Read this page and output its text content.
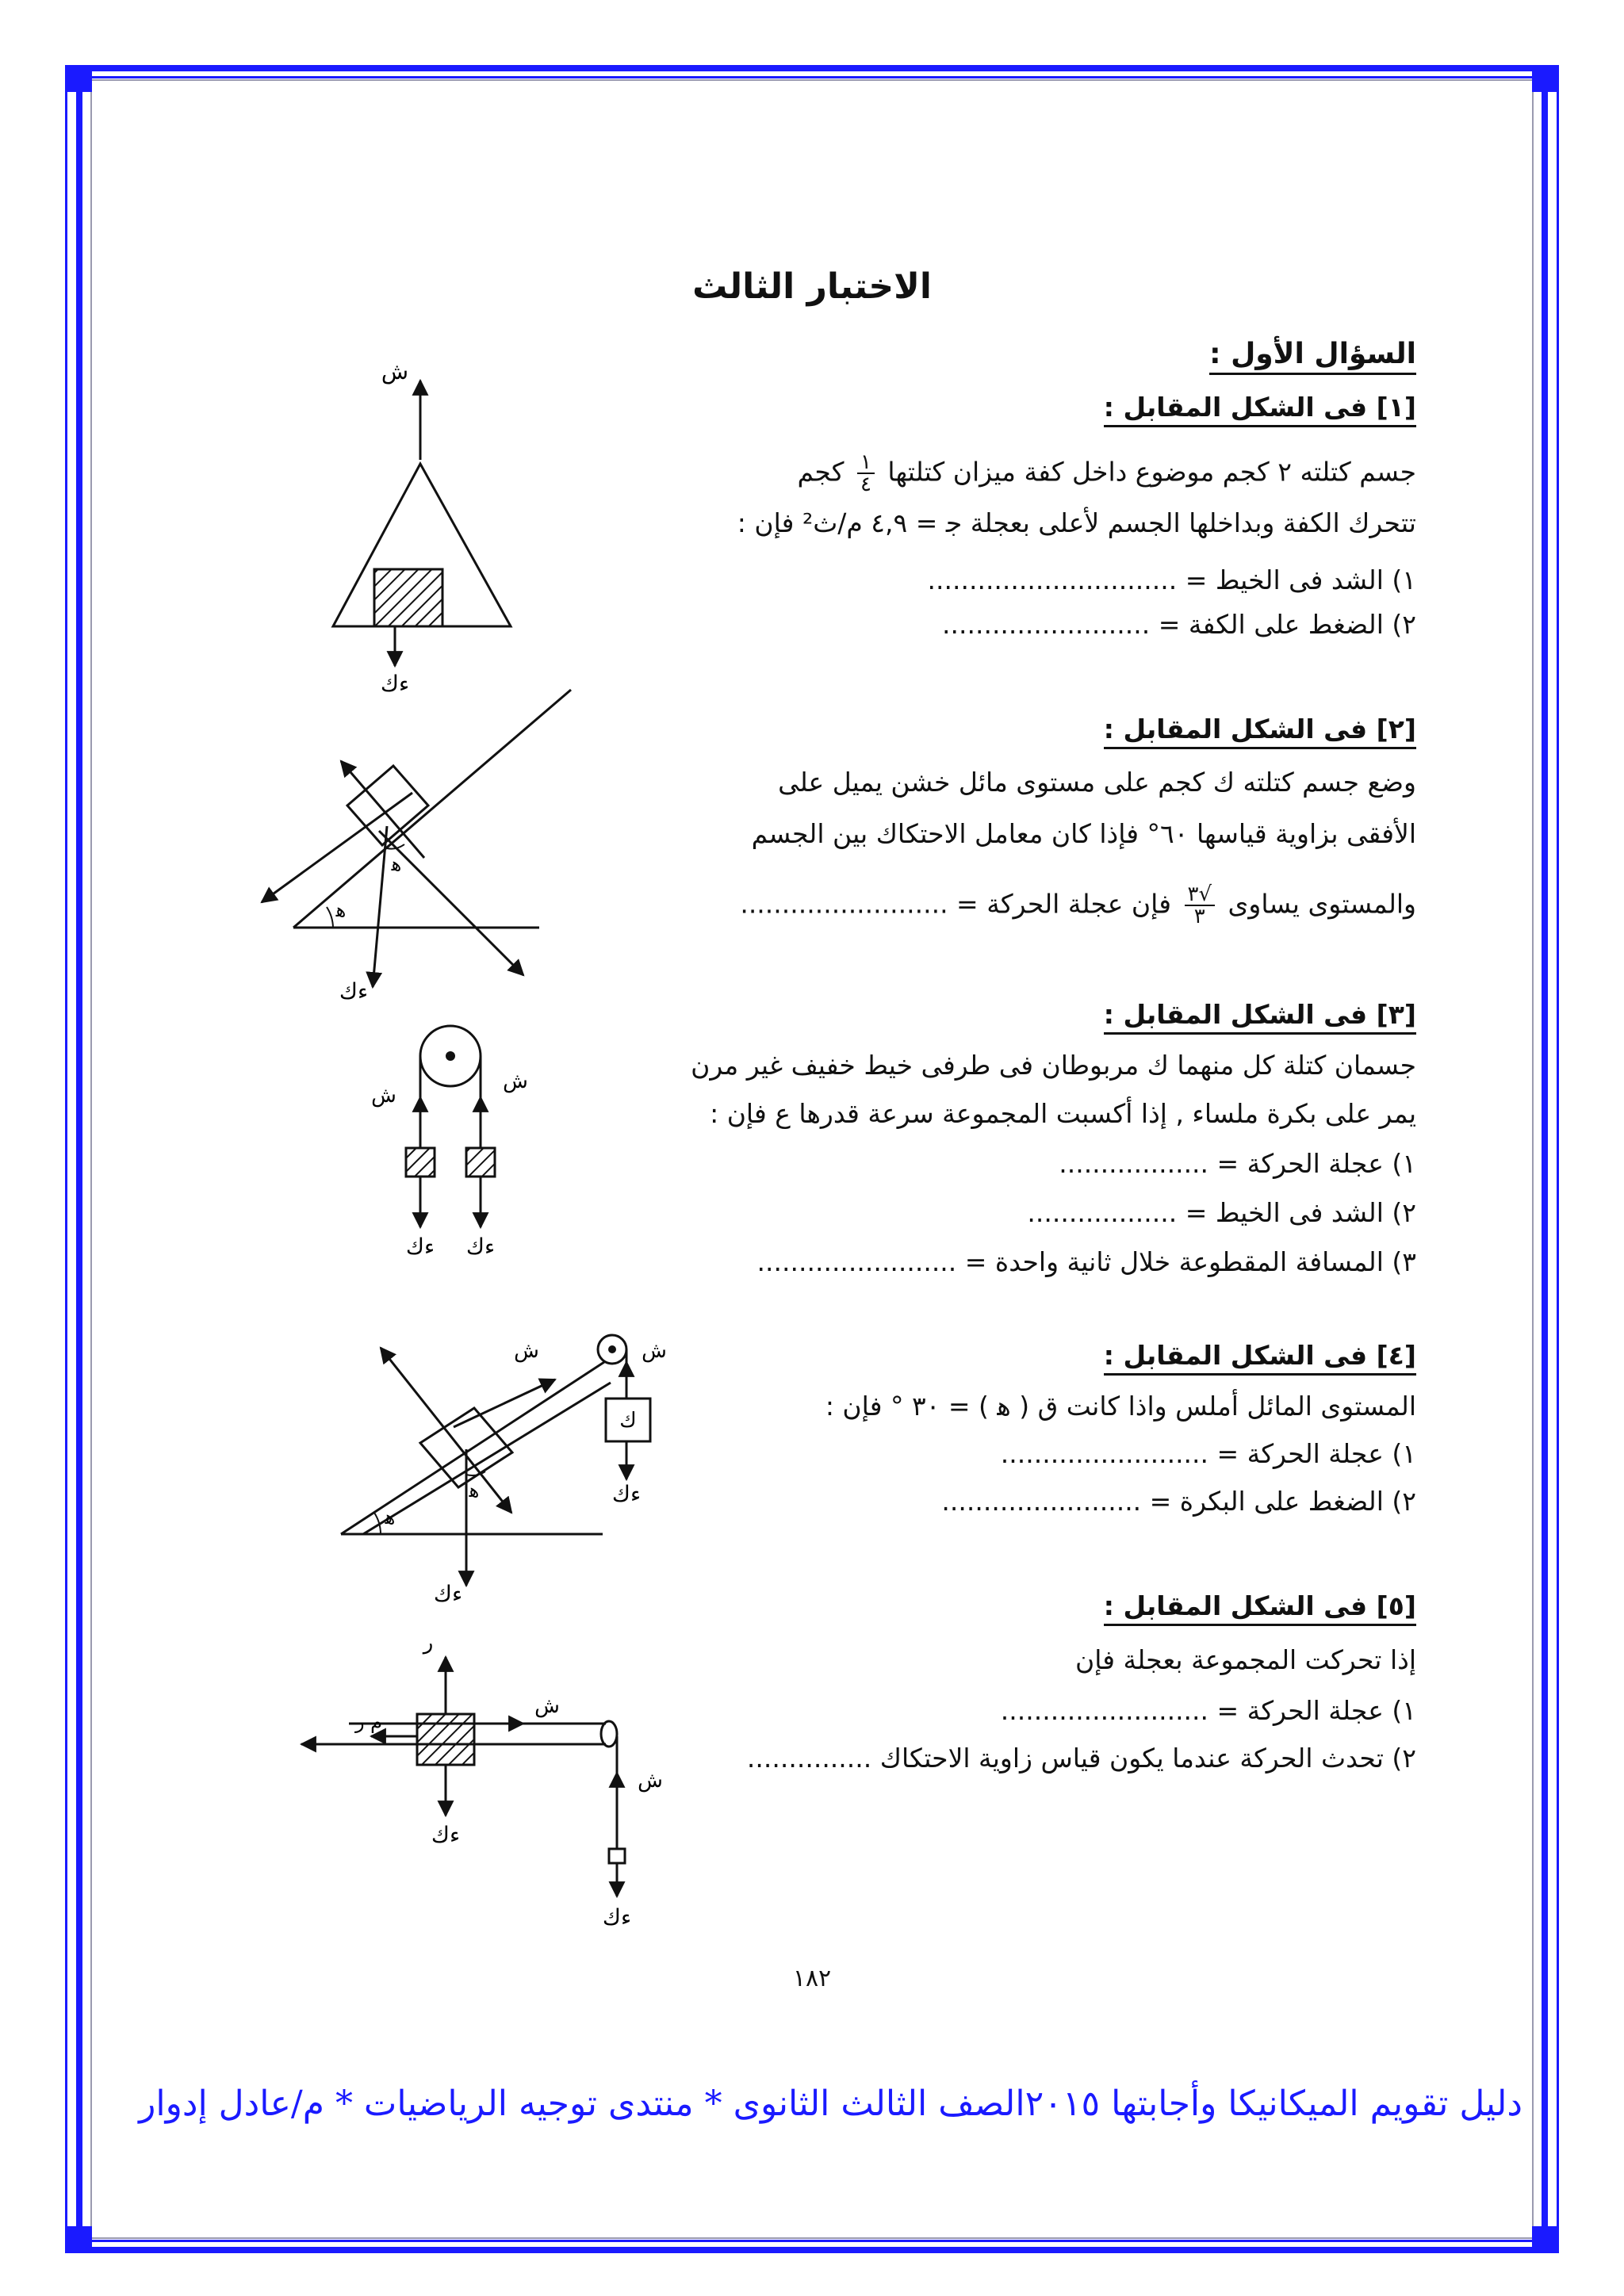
الاختبار الثالث
السؤال الأول :
[١] فى الشكل المقابل :
جسم كتلته ٢ كجم موضوع داخل كفة ميزان كتلتها
$\frac{١}{٤}$
كجم
تتحرك الكفة وبداخلها الجسم لأعلى بعجلة ﺟ = ٤,٩ م/ث² فإن :
١) الشد فى الخيط = ..............................
٢) الضغط على الكفة = .........................
[٢] فى الشكل المقابل :
وضع جسم كتلته ك كجم على مستوى مائل خشن يميل على
الأفقى بزاوية قياسها ٦٠° فإذا كان معامل الاحتكاك بين الجسم
والمستوى يساوى
$\frac{√٣}{٣}$
فإن عجلة الحركة = .........................
[٣] فى الشكل المقابل :
جسمان كتلة كل منهما ك مربوطان فى طرفى خيط خفيف غير مرن
يمر على بكرة ملساء , إذا أكسبت المجموعة سرعة قدرها ع فإن :
١) عجلة الحركة = ..................
٢) الشد فى الخيط = ..................
٣) المسافة المقطوعة خلال ثانية واحدة = ........................
[٤] فى الشكل المقابل :
المستوى المائل أملس واذا كانت ق ( ﻫ ) = ٣٠ ° فإن :
١) عجلة الحركة = .........................
٢) الضغط على البكرة = ........................
[٥] فى الشكل المقابل :
إذا تحركت المجموعة بعجلة فإن
١) عجلة الحركة = .........................
٢) تحدث الحركة عندما يكون قياس زاوية الاحتكاك ...............
ش
ءك
ﻫ
ﻫ
ءك
ش
ش
ءك ءك
ﻫ
ش
ﻫ
ءك
ش
ك
ءك
ر
ءك
م ر
ش
ش
ءك
١٨٢
دليل تقويم الميكانيكا وأجابتها ٢٠١٥الصف الثالث الثانوى * منتدى توجيه الرياضيات * م/عادل إدوار
